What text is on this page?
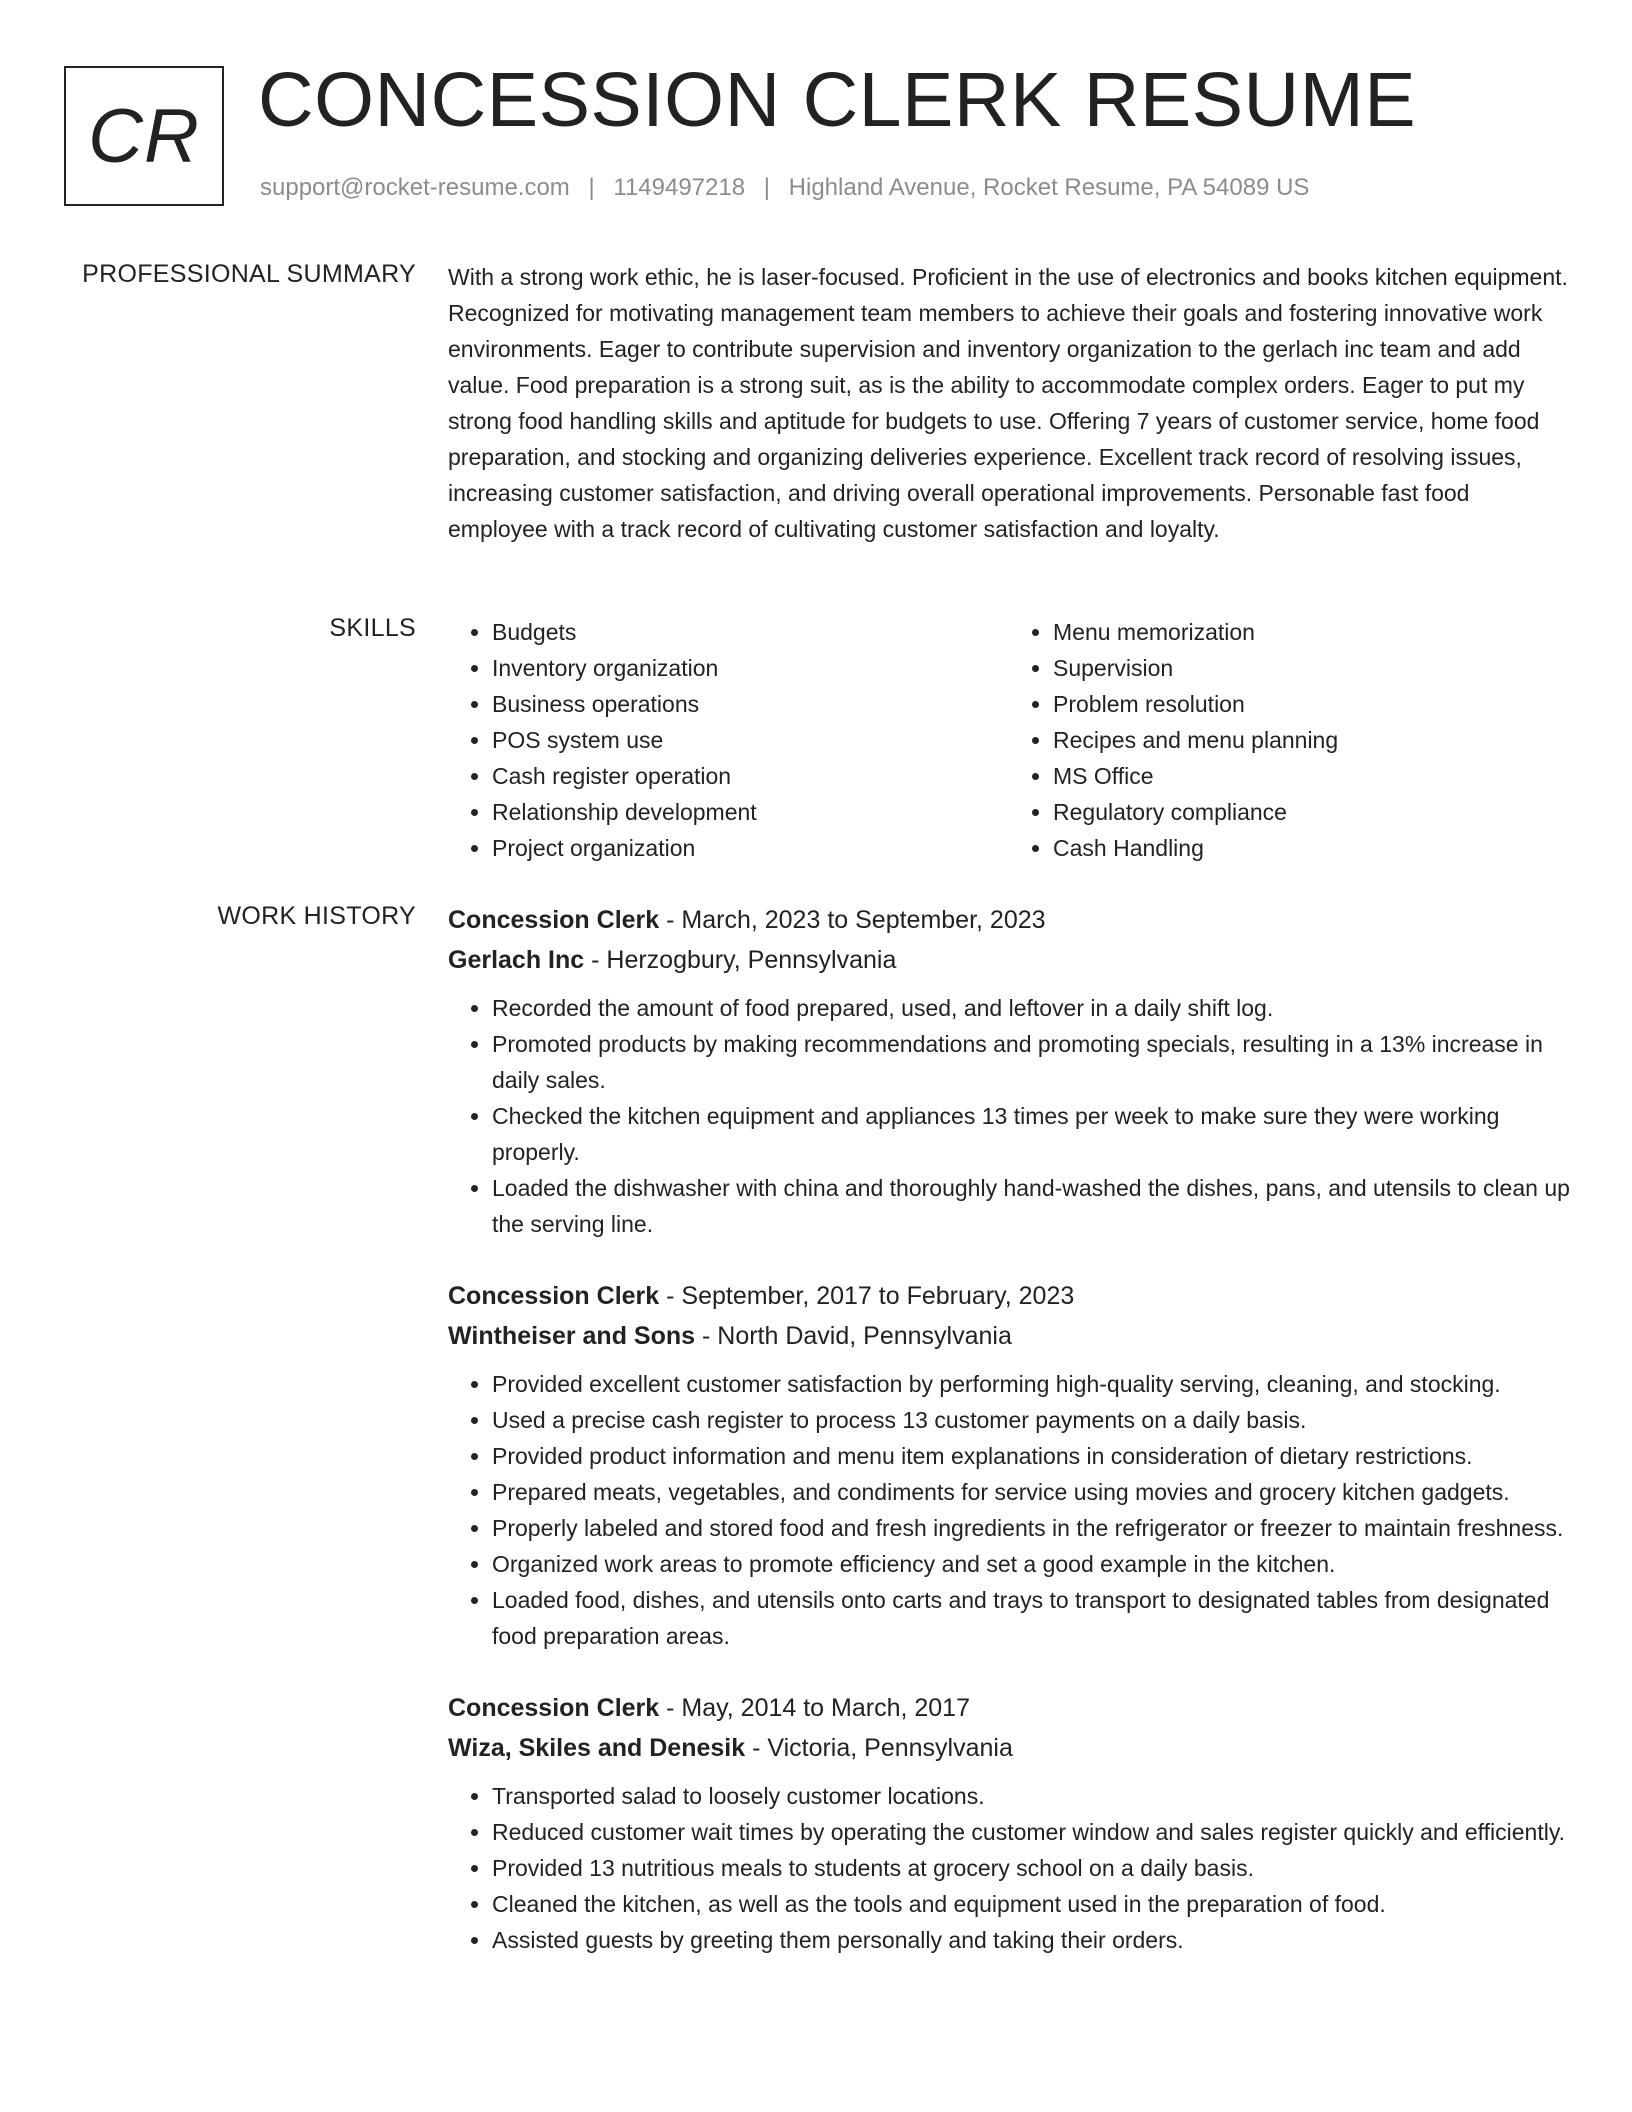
CR CONCESSION CLERK RESUME
support@rocket-resume.com | 1149497218 | Highland Avenue, Rocket Resume, PA 54089 US
PROFESSIONAL SUMMARY With a strong work ethic, he is laser-focused. Proficient in the use of electronics and books kitchen equipment. Recognized for motivating management team members to achieve their goals and fostering innovative work environments. Eager to contribute supervision and inventory organization to the gerlach inc team and add value. Food preparation is a strong suit, as is the ability to accommodate complex orders. Eager to put my strong food handling skills and aptitude for budgets to use. Offering 7 years of customer service, home food preparation, and stocking and organizing deliveries experience. Excellent track record of resolving issues, increasing customer satisfaction, and driving overall operational improvements. Personable fast food employee with a track record of cultivating customer satisfaction and loyalty.

SKILLS
•	Budgets
• Inventory organization
• Business operations
• POS system use
• Cash register operation
• Relationship development
• Project organization
• Menu memorization
• Supervision
• Problem resolution
• Recipes and menu planning
• MS Office
• Regulatory compliance
• Cash Handling
WORK HISTORY Concession Clerk - March, 2023 to September, 2023
Gerlach Inc - Herzogbury, Pennsylvania
• Recorded the amount of food prepared, used, and leftover in a daily shift log.
• Promoted products by making recommendations and promoting specials, resulting in a 13% increase in daily sales.
• Checked the kitchen equipment and appliances 13 times per week to make sure they were working properly.
• Loaded the dishwasher with china and thoroughly hand-washed the dishes, pans, and utensils to clean up the serving line.
Concession Clerk - September, 2017 to February, 2023
Wintheiser and Sons - North David, Pennsylvania
• Provided excellent customer satisfaction by performing high-quality serving, cleaning, and stocking.
• Used a precise cash register to process 13 customer payments on a daily basis.
• Provided product information and menu item explanations in consideration of dietary restrictions.
• Prepared meats, vegetables, and condiments for service using movies and grocery kitchen gadgets.
• Properly labeled and stored food and fresh ingredients in the refrigerator or freezer to maintain freshness.
• Organized work areas to promote efficiency and set a good example in the kitchen.
• Loaded food, dishes, and utensils onto carts and trays to transport to designated tables from designated food preparation areas.
Concession Clerk - May, 2014 to March, 2017
Wiza, Skiles and Denesik - Victoria, Pennsylvania
• Transported salad to loosely customer locations.
• Reduced customer wait times by operating the customer window and sales register quickly and efficiently.
• Provided 13 nutritious meals to students at grocery school on a daily basis.
• Cleaned the kitchen, as well as the tools and equipment used in the preparation of food.
• Assisted guests by greeting them personally and taking their orders.
